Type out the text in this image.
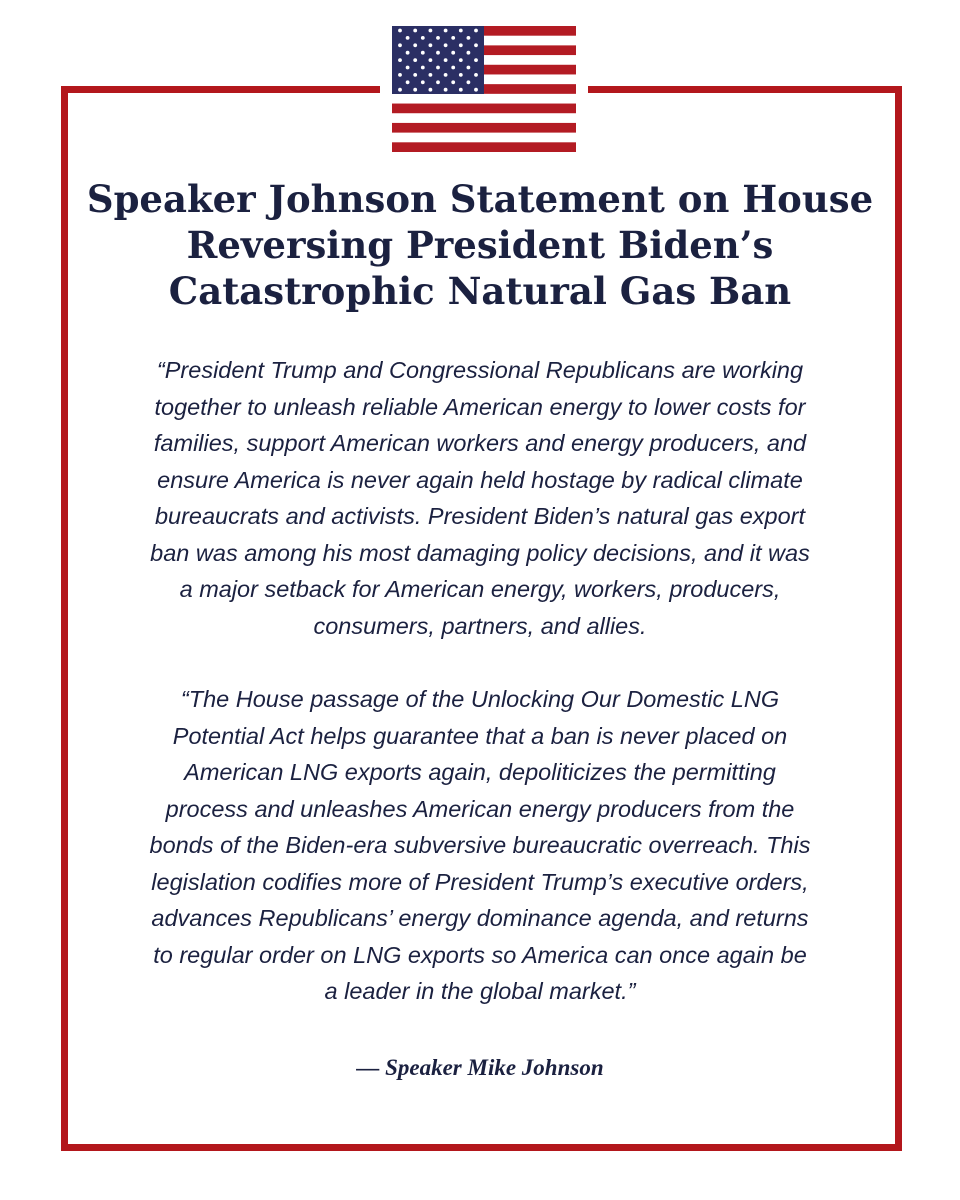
Speaker Johnson Statement on House
Reversing President Biden’s
Catastrophic Natural Gas Ban

“President Trump and Congressional Republicans are working
together to unleash reliable American energy to lower costs for
families, support American workers and energy producers, and
ensure America is never again held hostage by radical climate
bureaucrats and activists. President Biden’s natural gas export
ban was among his most damaging policy decisions, and it was
a major setback for American energy, workers, producers,
consumers, partners, and allies.

“The House passage of the Unlocking Our Domestic LNG
Potential Act helps guarantee that a ban is never placed on
American LNG exports again, depoliticizes the permitting
process and unleashes American energy producers from the
bonds of the Biden-era subversive bureaucratic overreach. This
legislation codifies more of President Trump’s executive orders,
advances Republicans’ energy dominance agenda, and returns
to regular order on LNG exports so America can once again be
a leader in the global market.”

— Speaker Mike Johnson
